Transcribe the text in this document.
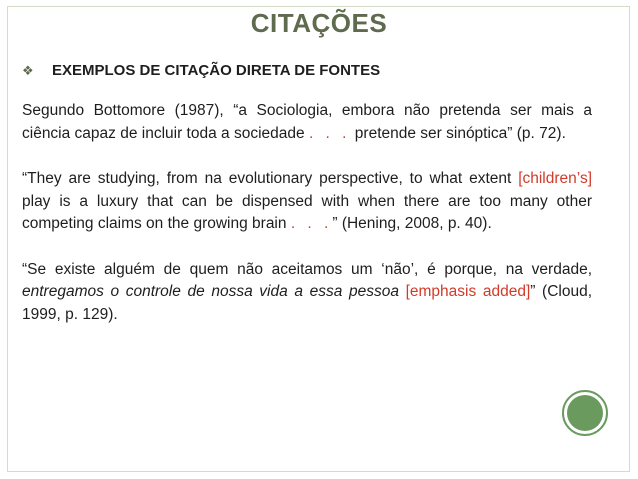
CITAÇÕES
❖	EXEMPLOS DE CITAÇÃO DIRETA DE FONTES

Segundo Bottomore (1987), “a Sociologia, embora não pretenda ser mais a ciência capaz de incluir toda a sociedade . . . pretende ser sinóptica” (p. 72).

“They are studying, from na evolutionary perspective, to what extent [children’s] play is a luxury that can be dispensed with when there are too many other competing claims on the growing brain . . .” (Hening, 2008, p. 40).

“Se existe alguém de quem não aceitamos um ‘não’, é porque, na verdade, entregamos o controle de nossa vida a essa pessoa [emphasis added]” (Cloud, 1999, p. 129).
